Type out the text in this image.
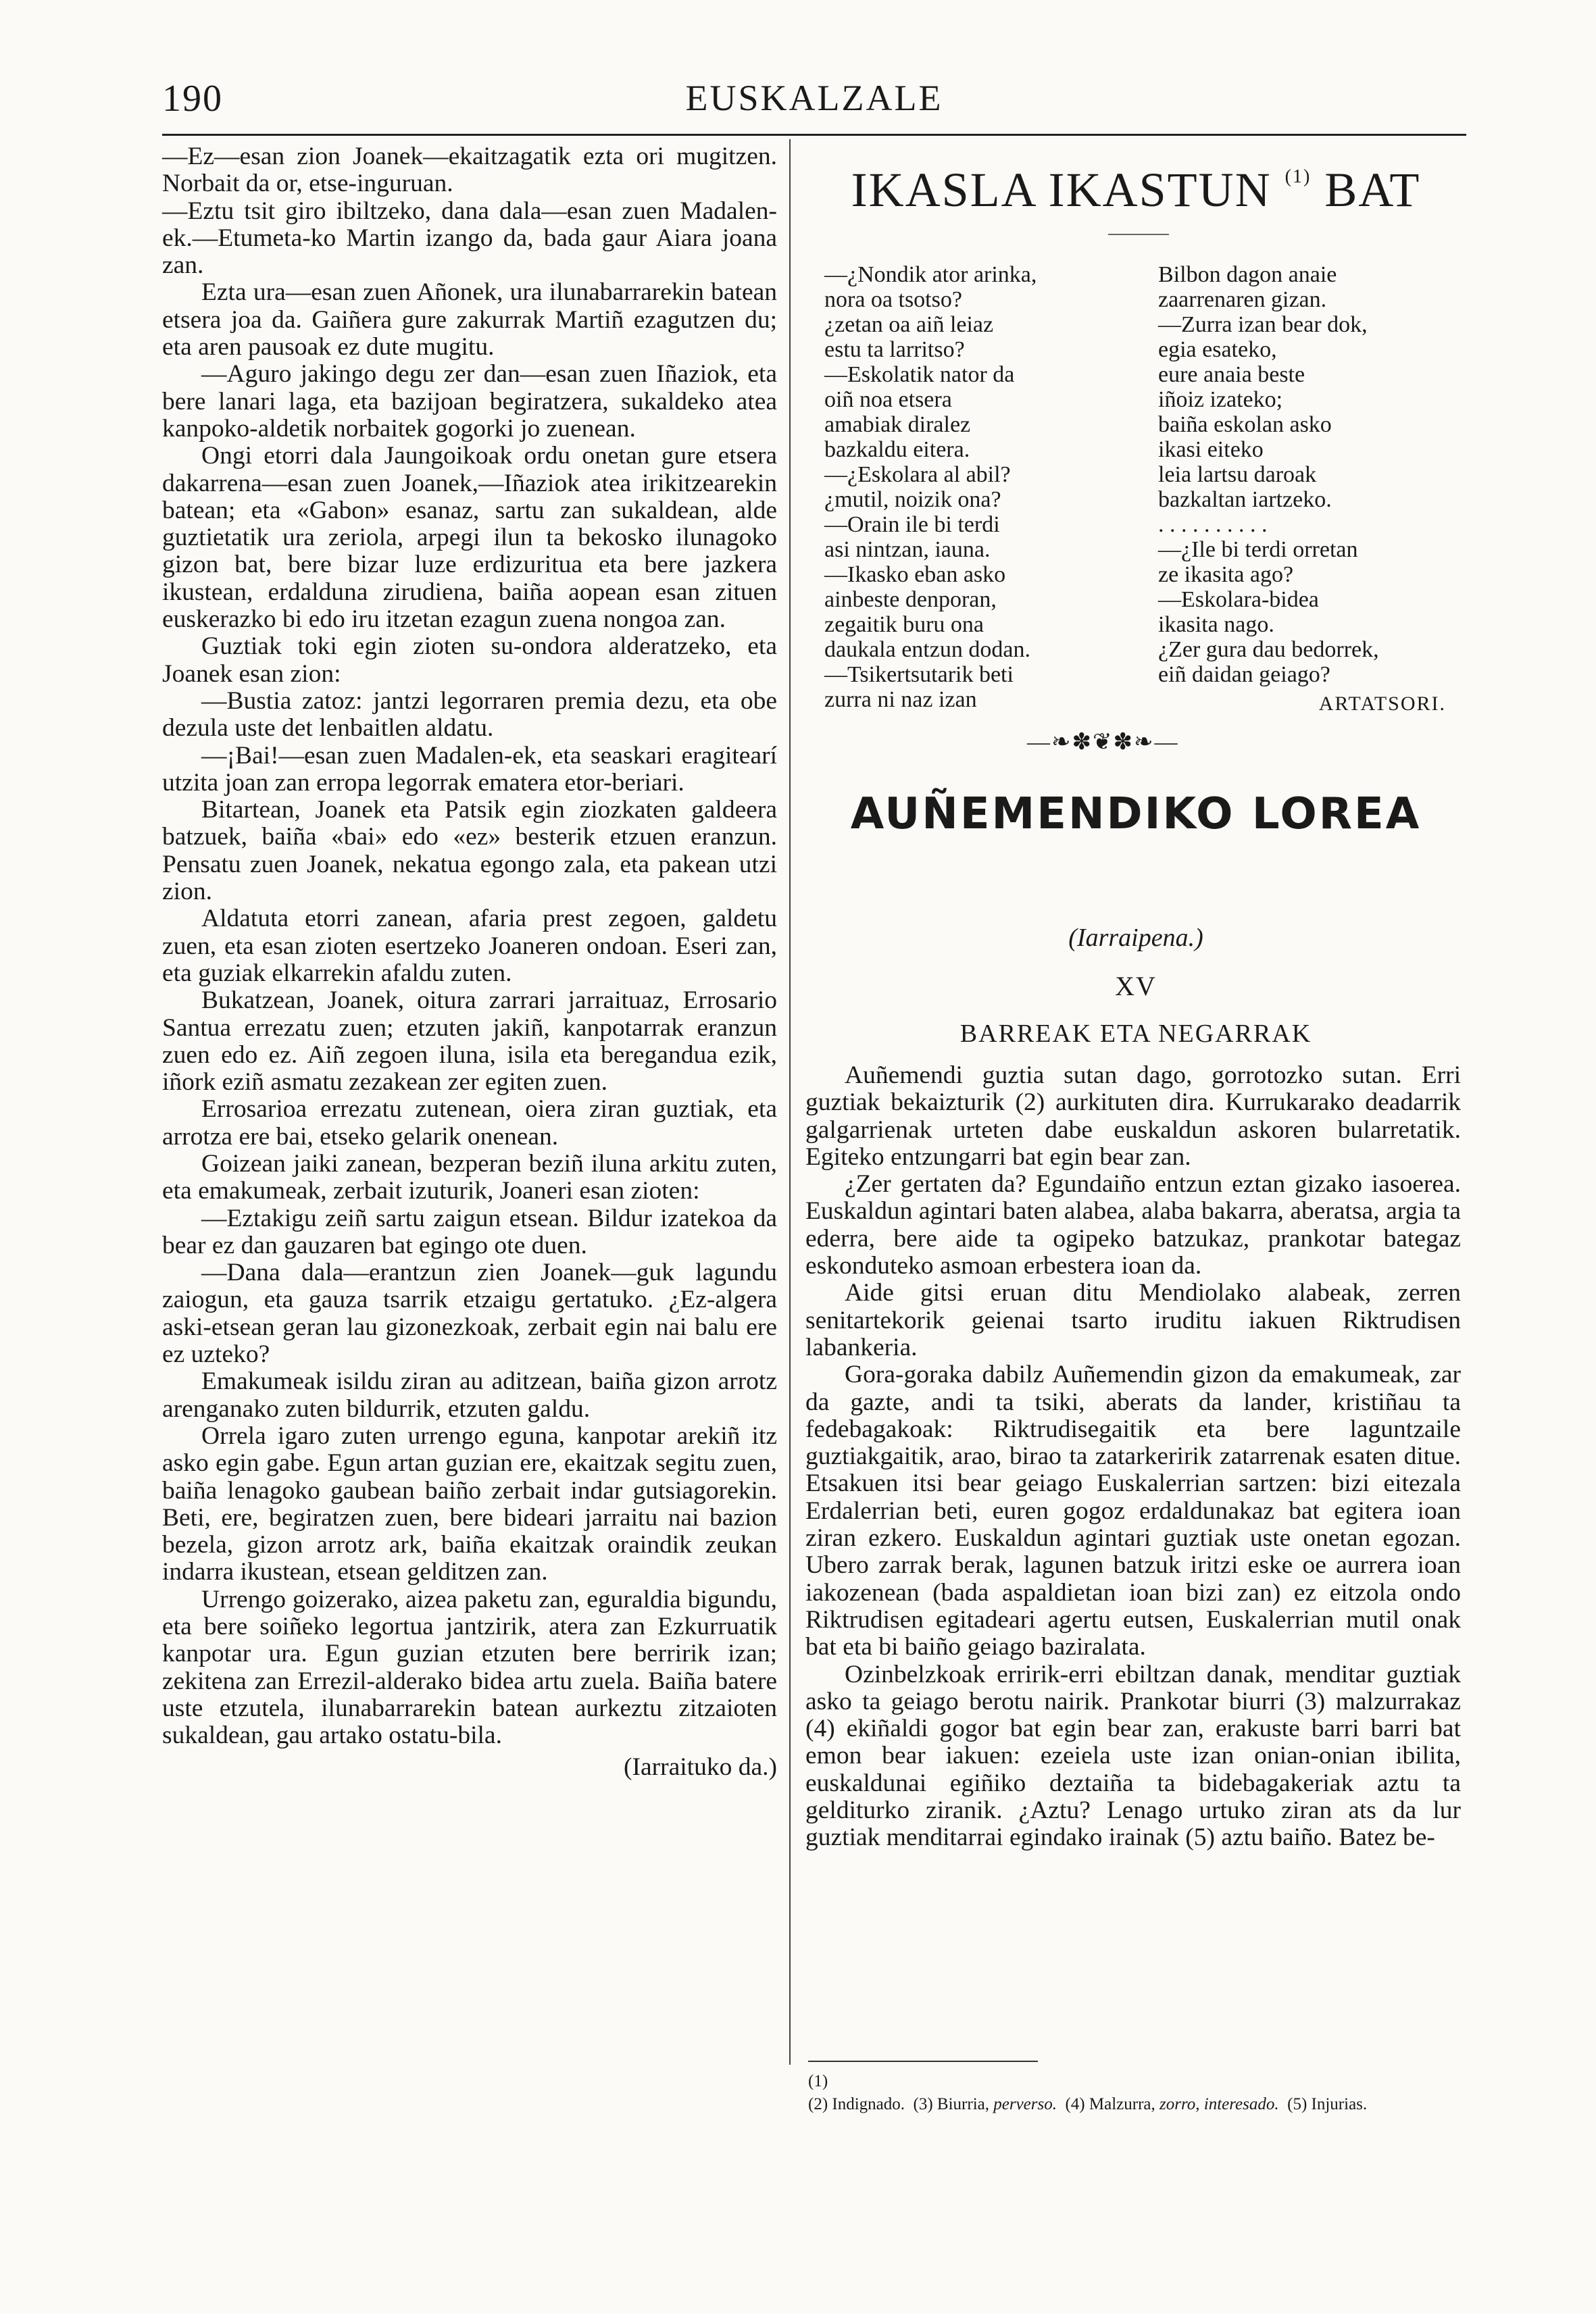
190	EUSKALZALE

—Ez—esan zion Joanek—ekaitzagatik ezta ori mugitzen. Norbait da or, etse-inguruan.

—Eztu tsit giro ibiltzeko, dana dala—esan zuen Madalen-ek.—Etumeta-ko Martin izango da, bada gaur Aiara joana zan.

Ezta ura—esan zuen Añonek, ura ilunabarrarekin batean etsera joa da. Gaiñera gure zakurrak Martiñ ezagutzen du; eta aren pausoak ez dute mugitu.

—Aguro jakingo degu zer dan—esan zuen Iñaziok, eta bere lanari laga, eta bazijoan begiratzera, sukaldeko atea kanpoko-aldetik norbaitek gogorki jo zuenean.

Ongi etorri dala Jaungoikoak ordu onetan gure etsera dakarrena—esan zuen Joanek,—Iñaziok atea irikitzearekin batean; eta «Gabon» esanaz, sartu zan sukaldean, alde guztietatik ura zeriola, arpegi ilun ta bekosko ilunagoko gizon bat, bere bizar luze erdizuritua eta bere jazkera ikustean, erdalduna zirudiena, baiña aopean esan zituen euskerazko bi edo iru itzetan ezagun zuena nongoa zan.

Guztiak toki egin zioten su-ondora alderatzeko, eta Joanek esan zion:

—Bustia zatoz: jantzi legorraren premia dezu, eta obe dezula uste det lenbaitlen aldatu.

—¡Bai!—esan zuen Madalen-ek, eta seaskari eragitearí utzita joan zan erropa legorrak ematera etor-beriari.

Bitartean, Joanek eta Patsik egin ziozkaten galdeera batzuek, baiña «bai» edo «ez» besterik etzuen eranzun. Pensatu zuen Joanek, nekatua egongo zala, eta pakean utzi zion.

Aldatuta etorri zanean, afaria prest zegoen, galdetu zuen, eta esan zioten esertzeko Joaneren ondoan. Eseri zan, eta guziak elkarrekin afaldu zuten.

Bukatzean, Joanek, oitura zarrari jarraituaz, Errosario Santua errezatu zuen; etzuten jakiñ, kanpotarrak eranzun zuen edo ez. Aiñ zegoen iluna, isila eta beregandua ezik, iñork eziñ asmatu zezakean zer egiten zuen.

Errosarioa errezatu zutenean, oiera ziran guztiak, eta arrotza ere bai, etseko gelarik onenean.

Goizean jaiki zanean, bezperan beziñ iluna arkitu zuten, eta emakumeak, zerbait izuturik, Joaneri esan zioten:

—Eztakigu zeiñ sartu zaigun etsean. Bildur izatekoa da bear ez dan gauzaren bat egingo ote duen.

—Dana dala—erantzun zien Joanek—guk lagundu zaiogun, eta gauza tsarrik etzaigu gertatuko. ¿Ez-algera aski-etsean geran lau gizonezkoak, zerbait egin nai balu ere ez uzteko?

Emakumeak isildu ziran au aditzean, baiña gizon arrotz arenganako zuten bildurrik, etzuten galdu.

Orrela igaro zuten urrengo eguna, kanpotar arekiñ itz asko egin gabe. Egun artan guzian ere, ekaitzak segitu zuen, baiña lenagoko gaubean baiño zerbait indar gutsiagorekin. Beti, ere, begiratzen zuen, bere bideari jarraitu nai bazion bezela, gizon arrotz ark, baiña ekaitzak oraindik zeukan indarra ikustean, etsean gelditzen zan.

Urrengo goizerako, aizea paketu zan, eguraldia bigundu, eta bere soiñeko legortua jantzirik, atera zan Ezkurruatik kanpotar ura. Egun guzian etzuten bere berririk izan; zekitena zan Errezil-alderako bidea artu zuela. Baiña batere uste etzutela, ilunabarrarekin batean aurkeztu zitzaioten sukaldean, gau artako ostatu-bila.

(Iarraituko da.)

IKASLA IKASTUN $^{(1)}$ BAT
—¿Nondik ator arinka,
nora oa tsotso?
¿zetan oa aiñ leiaz
estu ta larritso?
—Eskolatik nator da
oiñ noa etsera
amabiak diralez
bazkaldu eitera.
—¿Eskolara al abil?
¿mutil, noizik ona?
—Orain ile bi terdi
asi nintzan, iauna.
—Ikasko eban asko
ainbeste denporan,
zegaitik buru ona
daukala entzun dodan.
—Tsikertsutarik beti
zurra ni naz izan
Bilbon dagon anaie
zaarrenaren gizan.
—Zurra izan bear dok,
egia esateko,
eure anaia beste
iñoiz izateko;
baiña eskolan asko
ikasi eiteko
leia lartsu daroak
bazkaltan iartzeko.
. . . . . . . . . .
—¿Ile bi terdi orretan
ze ikasita ago?
—Eskolara-bidea
ikasita nago.
¿Zer gura dau bedorrek,
eiñ daidan geiago?
ARTATSORI.
—❧✽❦✽❧—
AUÑEMENDIKO LOREA
(Iarraipena.)
XV
BARREAK ETA NEGARRAK

Auñemendi guztia sutan dago, gorrotozko sutan. Erri guztiak bekaizturik (2) aurkituten dira. Kurrukarako deadarrik galgarrienak urteten dabe euskaldun askoren bularretatik. Egiteko entzungarri bat egin bear zan.

¿Zer gertaten da? Egundaiño entzun eztan gizako iasoerea. Euskaldun agintari baten alabea, alaba bakarra, aberatsa, argia ta ederra, bere aide ta ogipeko batzukaz, prankotar bategaz eskonduteko asmoan erbestera ioan da.

Aide gitsi eruan ditu Mendiolako alabeak, zerren senitartekorik geienai tsarto iruditu iakuen Riktrudisen labankeria.

Gora-goraka dabilz Auñemendin gizon da emakumeak, zar da gazte, andi ta tsiki, aberats da lander, kristiñau ta fedebagakoak: Riktrudisegaitik eta bere laguntzaile guztiakgaitik, arao, birao ta zatarkeririk zatarrenak esaten ditue. Etsakuen itsi bear geiago Euskalerrian sartzen: bizi eitezala Erdalerrian beti, euren gogoz erdaldunakaz bat egitera ioan ziran ezkero. Euskaldun agintari guztiak uste onetan egozan. Ubero zarrak berak, lagunen batzuk iritzi eske oe aurrera ioan iakozenean (bada aspaldietan ioan bizi zan) ez eitzola ondo Riktrudisen egitadeari agertu eutsen, Euskalerrian mutil onak bat eta bi baiño geiago baziralata.

Ozinbelzkoak erririk-erri ebiltzan danak, menditar guztiak asko ta geiago berotu nairik. Prankotar biurri (3) malzurrakaz (4) ekiñaldi gogor bat egin bear zan, erakuste barri barri bat emon bear iakuen: ezeiela uste izan onian-onian ibilita, euskaldunai egiñiko deztaiña ta bidebagakeriak aztu ta gelditurko ziranik. ¿Aztu? Lenago urtuko ziran ats da lur guztiak menditarrai egindako irainak (5) aztu baiño. Batez be-

(1)
(2) Indignado. (3) Biurria, perverso. (4) Malzurra, zorro, interesado. (5) Injurias.
